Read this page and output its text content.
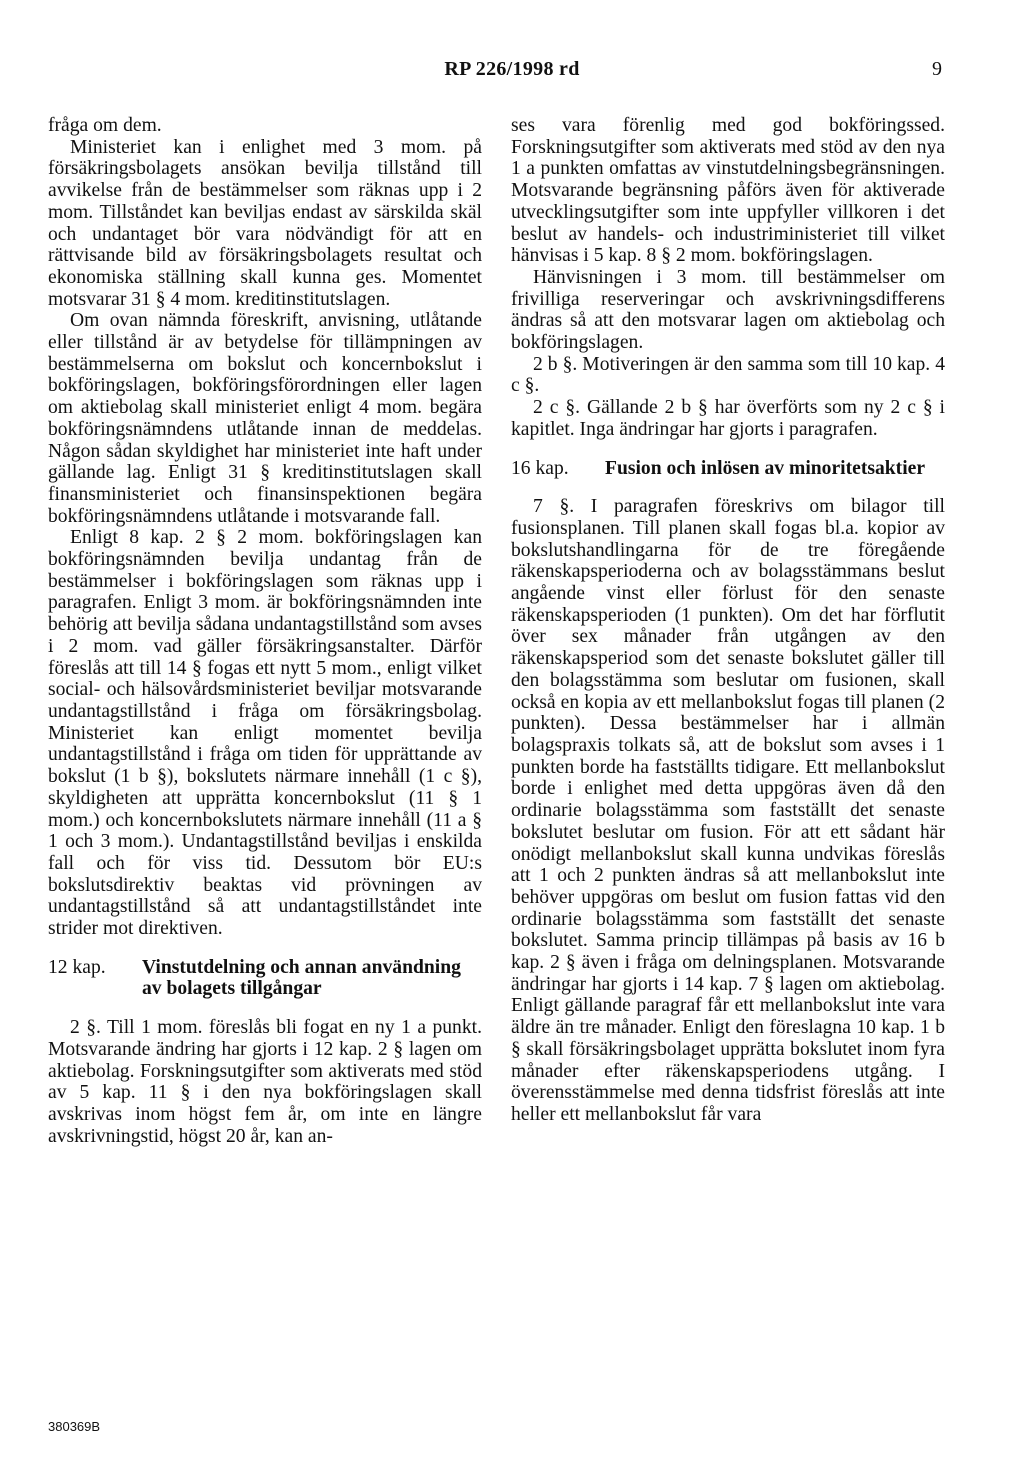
RP 226/1998 rd	9

fråga om dem.

Ministeriet kan i enlighet med 3 mom. på försäkringsbolagets ansökan bevilja tillstånd till avvikelse från de bestämmelser som räknas upp i 2 mom. Tillståndet kan beviljas endast av särskilda skäl och undantaget bör vara nödvändigt för att en rättvisande bild av försäkringsbolagets resultat och ekonomiska ställning skall kunna ges. Momentet motsvarar 31 § 4 mom. kreditinstitutslagen.

Om ovan nämnda föreskrift, anvisning, utlåtande eller tillstånd är av betydelse för tillämpningen av bestämmelserna om bokslut och koncernbokslut i bokföringslagen, bokföringsförordningen eller lagen om aktiebolag skall ministeriet enligt 4 mom. begära bokföringsnämndens utlåtande innan de meddelas. Någon sådan skyldighet har ministeriet inte haft under gällande lag. Enligt 31 § kreditinstitutslagen skall finansministeriet och finansinspektionen begära bokföringsnämndens utlåtande i motsvarande fall.

Enligt 8 kap. 2 § 2 mom. bokföringslagen kan bokföringsnämnden bevilja undantag från de bestämmelser i bokföringslagen som räknas upp i paragrafen. Enligt 3 mom. är bokföringsnämnden inte behörig att bevilja sådana undantagstillstånd som avses i 2 mom. vad gäller försäkringsanstalter. Därför föreslås att till 14 § fogas ett nytt 5 mom., enligt vilket social- och hälsovårdsministeriet beviljar motsvarande undantagstillstånd i fråga om försäkringsbolag. Ministeriet kan enligt momentet bevilja undantagstillstånd i fråga om tiden för upprättande av bokslut (1 b §), bokslutets närmare innehåll (1 c §), skyldigheten att upprätta koncernbokslut (11 § 1 mom.) och koncernbokslutets närmare innehåll (11 a § 1 och 3 mom.). Undantagstillstånd beviljas i enskilda fall och för viss tid. Dessutom bör EU:s bokslutsdirektiv beaktas vid prövningen av undantagstillstånd så att undantagstillståndet inte strider mot direktiven.

12 kap.	Vinstutdelning och annan användning av bolagets tillgångar

2 §. Till 1 mom. föreslås bli fogat en ny 1 a punkt. Motsvarande ändring har gjorts i 12 kap. 2 § lagen om aktiebolag. Forskningsutgifter som aktiverats med stöd av 5 kap. 11 § i den nya bokföringslagen skall avskrivas inom högst fem år, om inte en längre avskrivningstid, högst 20 år, kan an-

ses vara förenlig med god bokföringssed. Forskningsutgifter som aktiverats med stöd av den nya 1 a punkten omfattas av vinstutdelningsbegränsningen. Motsvarande begränsning påförs även för aktiverade utvecklingsutgifter som inte uppfyller villkoren i det beslut av handels- och industriministeriet till vilket hänvisas i 5 kap. 8 § 2 mom. bokföringslagen.

Hänvisningen i 3 mom. till bestämmelser om frivilliga reserveringar och avskrivningsdifferens ändras så att den motsvarar lagen om aktiebolag och bokföringslagen.

2 b §. Motiveringen är den samma som till 10 kap. 4 c §.

2 c §. Gällande 2 b § har överförts som ny 2 c § i kapitlet. Inga ändringar har gjorts i paragrafen.

16 kap.	Fusion och inlösen av minoritetsaktier

7 §. I paragrafen föreskrivs om bilagor till fusionsplanen. Till planen skall fogas bl.a. kopior av bokslutshandlingarna för de tre föregående räkenskapsperioderna och av bolagsstämmans beslut angående vinst eller förlust för den senaste räkenskapsperioden (1 punkten). Om det har förflutit över sex månader från utgången av den räkenskapsperiod som det senaste bokslutet gäller till den bolagsstämma som beslutar om fusionen, skall också en kopia av ett mellanbokslut fogas till planen (2 punkten). Dessa bestämmelser har i allmän bolagspraxis tolkats så, att de bokslut som avses i 1 punkten borde ha fastställts tidigare. Ett mellanbokslut borde i enlighet med detta uppgöras även då den ordinarie bolagsstämma som fastställt det senaste bokslutet beslutar om fusion. För att ett sådant här onödigt mellanbokslut skall kunna undvikas föreslås att 1 och 2 punkten ändras så att mellanbokslut inte behöver uppgöras om beslut om fusion fattas vid den ordinarie bolagsstämma som fastställt det senaste bokslutet. Samma princip tillämpas på basis av 16 b kap. 2 § även i fråga om delningsplanen. Motsvarande ändringar har gjorts i 14 kap. 7 § lagen om aktiebolag. Enligt gällande paragraf får ett mellanbokslut inte vara äldre än tre månader. Enligt den föreslagna 10 kap. 1 b § skall försäkringsbolaget upprätta bokslutet inom fyra månader efter räkenskapsperiodens utgång. I överensstämmelse med denna tidsfrist föreslås att inte heller ett mellanbokslut får vara

380369B
